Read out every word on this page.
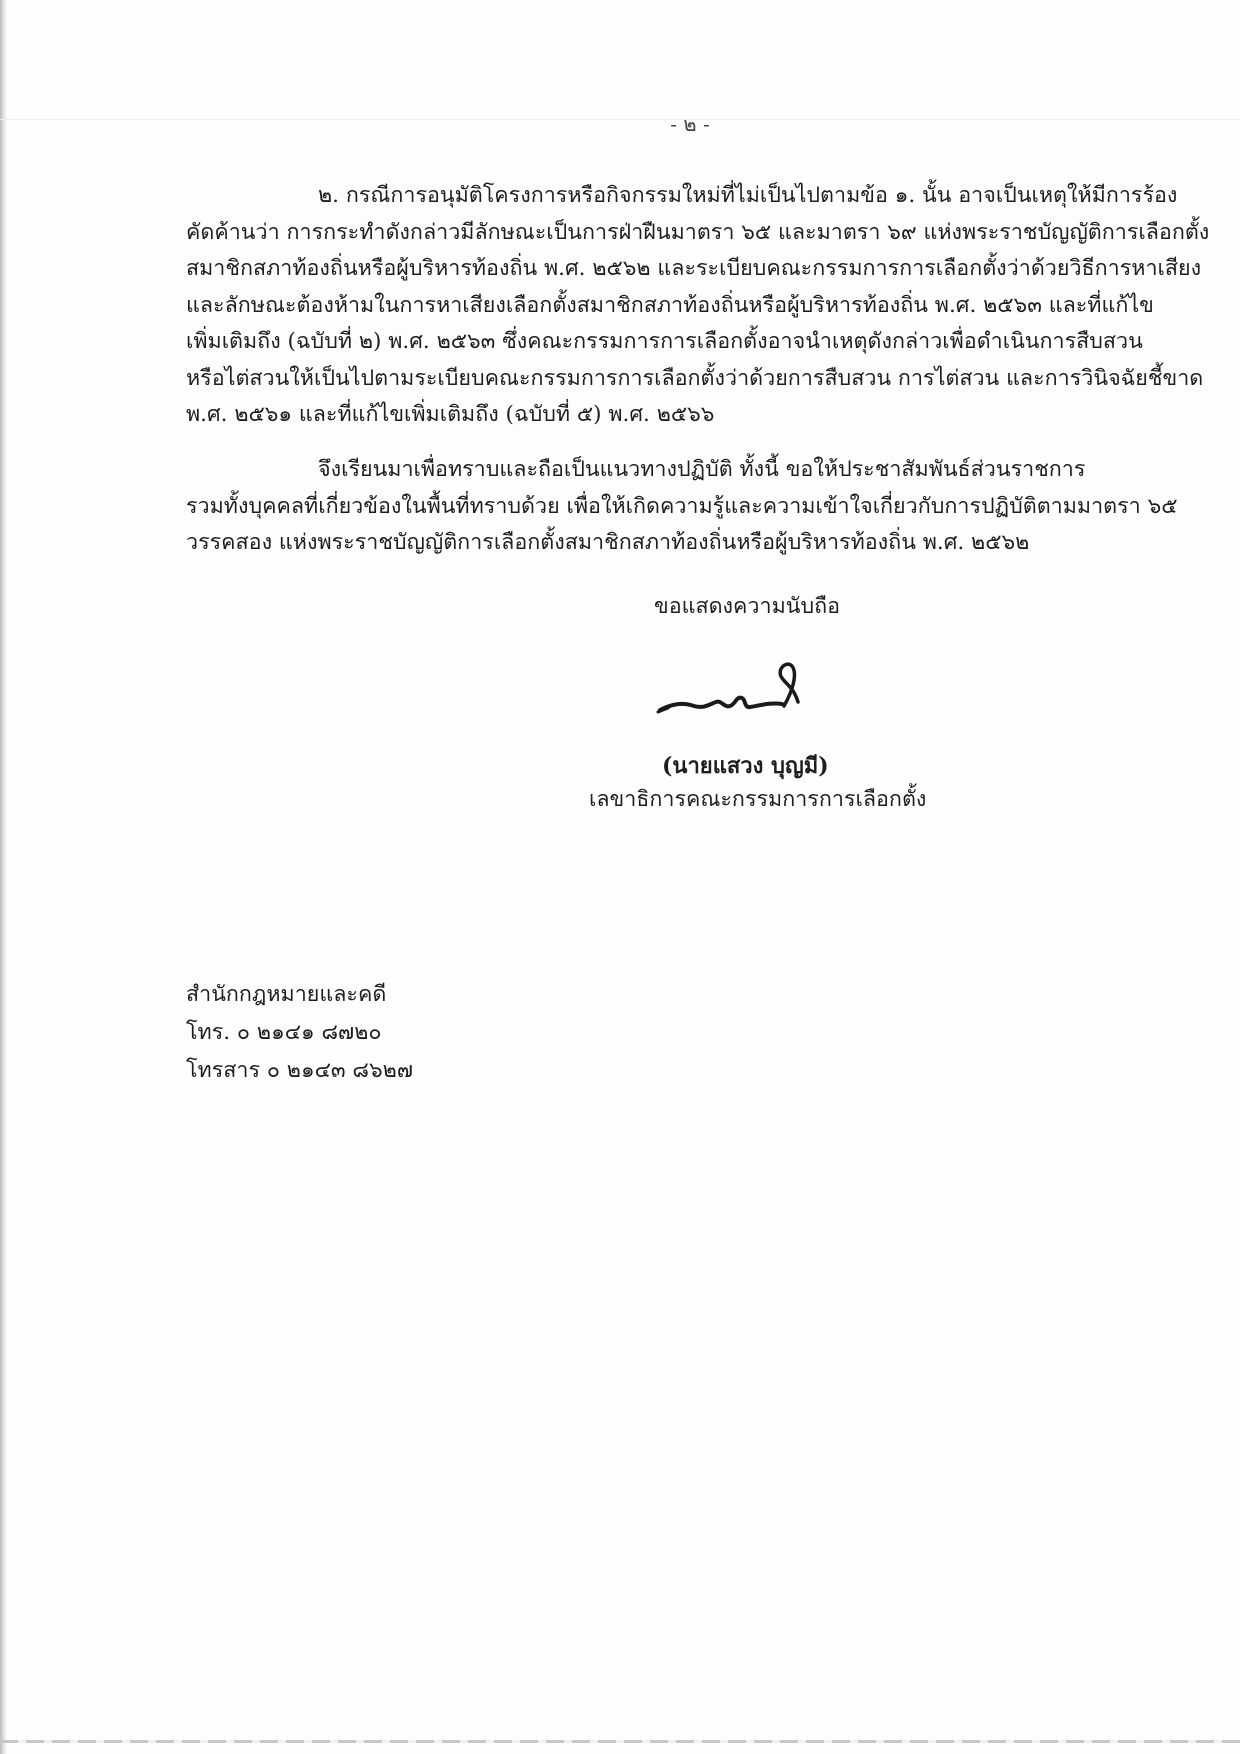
- ๒ -
๒. กรณีการอนุมัติโครงการหรือกิจกรรมใหม่ที่ไม่เป็นไปตามข้อ ๑. นั้น อาจเป็นเหตุให้มีการร้อง
คัดค้านว่า การกระทำดังกล่าวมีลักษณะเป็นการฝ่าฝืนมาตรา ๖๕ และมาตรา ๖๙ แห่งพระราชบัญญัติการเลือกตั้ง
สมาชิกสภาท้องถิ่นหรือผู้บริหารท้องถิ่น พ.ศ. ๒๕๖๒ และระเบียบคณะกรรมการการเลือกตั้งว่าด้วยวิธีการหาเสียง
และลักษณะต้องห้ามในการหาเสียงเลือกตั้งสมาชิกสภาท้องถิ่นหรือผู้บริหารท้องถิ่น พ.ศ. ๒๕๖๓ และที่แก้ไข
เพิ่มเติมถึง (ฉบับที่ ๒) พ.ศ. ๒๕๖๓ ซึ่งคณะกรรมการการเลือกตั้งอาจนำเหตุดังกล่าวเพื่อดำเนินการสืบสวน
หรือไต่สวนให้เป็นไปตามระเบียบคณะกรรมการการเลือกตั้งว่าด้วยการสืบสวน การไต่สวน และการวินิจฉัยชี้ขาด
พ.ศ. ๒๕๖๑ และที่แก้ไขเพิ่มเติมถึง (ฉบับที่ ๕) พ.ศ. ๒๕๖๖
จึงเรียนมาเพื่อทราบและถือเป็นแนวทางปฏิบัติ ทั้งนี้ ขอให้ประชาสัมพันธ์ส่วนราชการ
รวมทั้งบุคคลที่เกี่ยวข้องในพื้นที่ทราบด้วย เพื่อให้เกิดความรู้และความเข้าใจเกี่ยวกับการปฏิบัติตามมาตรา ๖๕
วรรคสอง แห่งพระราชบัญญัติการเลือกตั้งสมาชิกสภาท้องถิ่นหรือผู้บริหารท้องถิ่น พ.ศ. ๒๕๖๒
ขอแสดงความนับถือ
(นายแสวง บุญมี)
เลขาธิการคณะกรรมการการเลือกตั้ง
สำนักกฎหมายและคดี
โทร. ๐ ๒๑๔๑ ๘๗๒๐
โทรสาร ๐ ๒๑๔๓ ๘๖๒๗
